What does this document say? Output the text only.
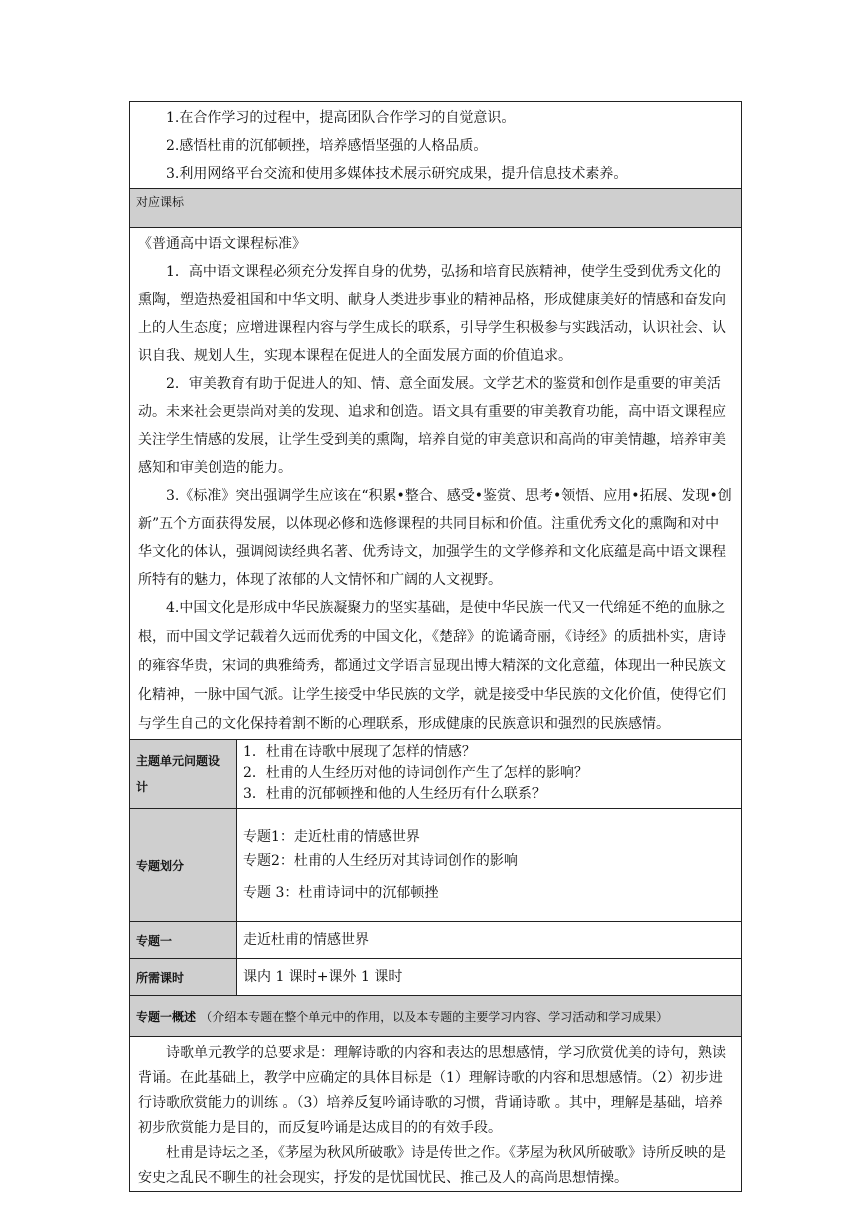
1.在合作学习的过程中，提高团队合作学习的自觉意识。

2.感悟杜甫的沉郁顿挫，培养感悟坚强的人格品质。

3.利用网络平台交流和使用多媒体技术展示研究成果，提升信息技术素养。	

对应课标	

《普通高中语文课程标准》

1．高中语文课程必须充分发挥自身的优势，弘扬和培育民族精神，使学生受到优秀文化的熏陶，塑造热爱祖国和中华文明、献身人类进步事业的精神品格，形成健康美好的情感和奋发向上的人生态度；应增进课程内容与学生成长的联系，引导学生积极参与实践活动，认识社会、认识自我、规划人生，实现本课程在促进人的全面发展方面的价值追求。

2．审美教育有助于促进人的知、情、意全面发展。文学艺术的鉴赏和创作是重要的审美活动。未来社会更崇尚对美的发现、追求和创造。语文具有重要的审美教育功能，高中语文课程应关注学生情感的发展，让学生受到美的熏陶，培养自觉的审美意识和高尚的审美情趣，培养审美感知和审美创造的能力。

3.《标准》突出强调学生应该在“积累•整合、感受•鉴赏、思考•领悟、应用•拓展、发现•创新”五个方面获得发展，以体现必修和选修课程的共同目标和价值。注重优秀文化的熏陶和对中华文化的体认，强调阅读经典名著、优秀诗文，加强学生的文学修养和文化底蕴是高中语文课程所特有的魅力，体现了浓郁的人文情怀和广阔的人文视野。

4.中国文化是形成中华民族凝聚力的坚实基础，是使中华民族一代又一代绵延不绝的血脉之根，而中国文学记载着久远而优秀的中国文化，《楚辞》的诡谲奇丽，《诗经》的质拙朴实，唐诗的雍容华贵，宋词的典雅绮秀，都通过文学语言显现出博大精深的文化意蕴，体现出一种民族文化精神，一脉中国气派。让学生接受中华民族的文学，就是接受中华民族的文化价值，使得它们与学生自己的文化保持着割不断的心理联系，形成健康的民族意识和强烈的民族感情。	

主题单元问题设计	1．杜甫在诗歌中展现了怎样的情感？

2．杜甫的人生经历对他的诗词创作产生了怎样的影响？

3．杜甫的沉郁顿挫和他的人生经历有什么联系？

专题划分	专题1：走近杜甫的情感世界

专题2：杜甫的人生经历对其诗词创作的影响

专题 3：杜甫诗词中的沉郁顿挫

专题一	走近杜甫的情感世界
所需课时	课内 1 课时+课外 1 课时
专题一概述 （介绍本专题在整个单元中的作用，以及本专题的主要学习内容、学习活动和学习成果）	

诗歌单元教学的总要求是：理解诗歌的内容和表达的思想感情，学习欣赏优美的诗句，熟读背诵。在此基础上，教学中应确定的具体目标是（1）理解诗歌的内容和思想感情。（2）初步进行诗歌欣赏能力的训练 。（3）培养反复吟诵诗歌的习惯，背诵诗歌 。其中，理解是基础，培养初步欣赏能力是目的，而反复吟诵是达成目的的有效手段。

杜甫是诗坛之圣，《茅屋为秋风所破歌》诗是传世之作。《茅屋为秋风所破歌》诗所反映的是安史之乱民不聊生的社会现实，抒发的是忧国忧民、推己及人的高尚思想情操。	
